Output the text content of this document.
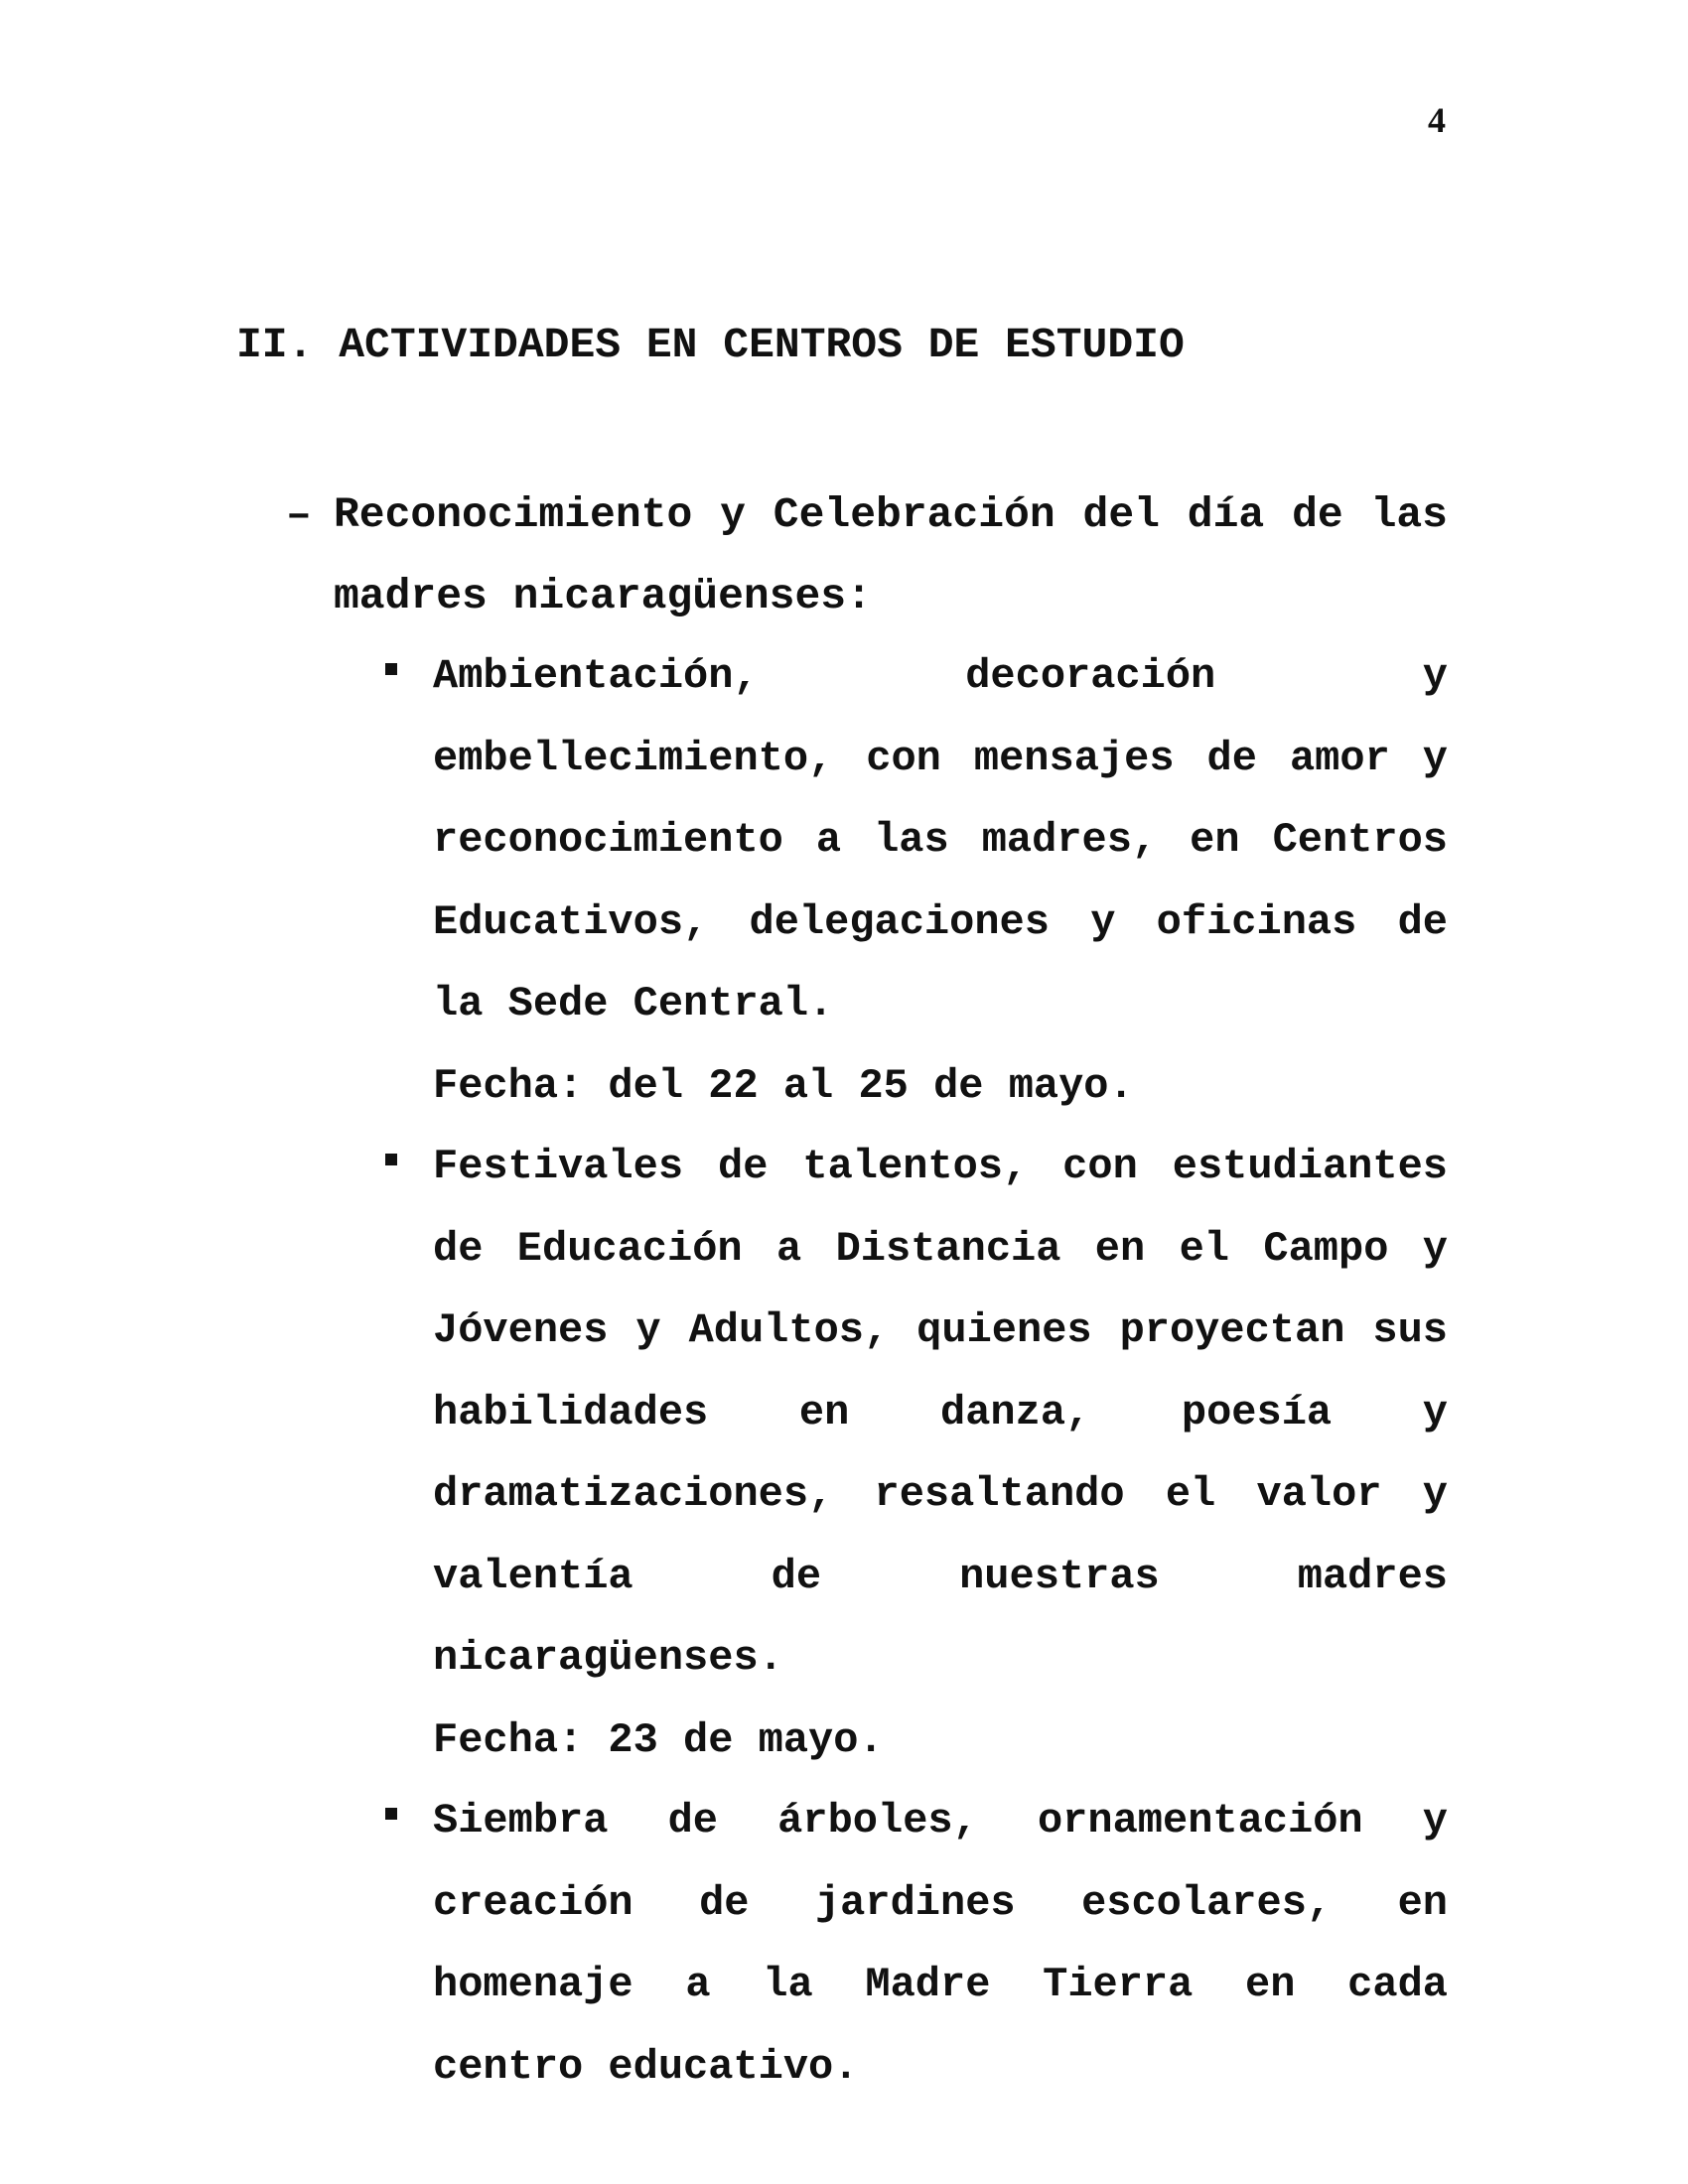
4
II. ACTIVIDADES EN CENTROS DE ESTUDIO
– Reconocimiento y Celebración del día de las madres nicaragüenses:
Ambientación, decoración y embellecimiento, con mensajes de amor y reconocimiento a las madres, en Centros Educativos, delegaciones y oficinas de la Sede Central.
Fecha: del 22 al 25 de mayo.
Festivales de talentos, con estudiantes de Educación a Distancia en el Campo y Jóvenes y Adultos, quienes proyectan sus habilidades en danza, poesía y dramatizaciones, resaltando el valor y valentía de nuestras madres nicaragüenses.
Fecha: 23 de mayo.
Siembra de árboles, ornamentación y creación de jardines escolares, en homenaje a la Madre Tierra en cada centro educativo.
